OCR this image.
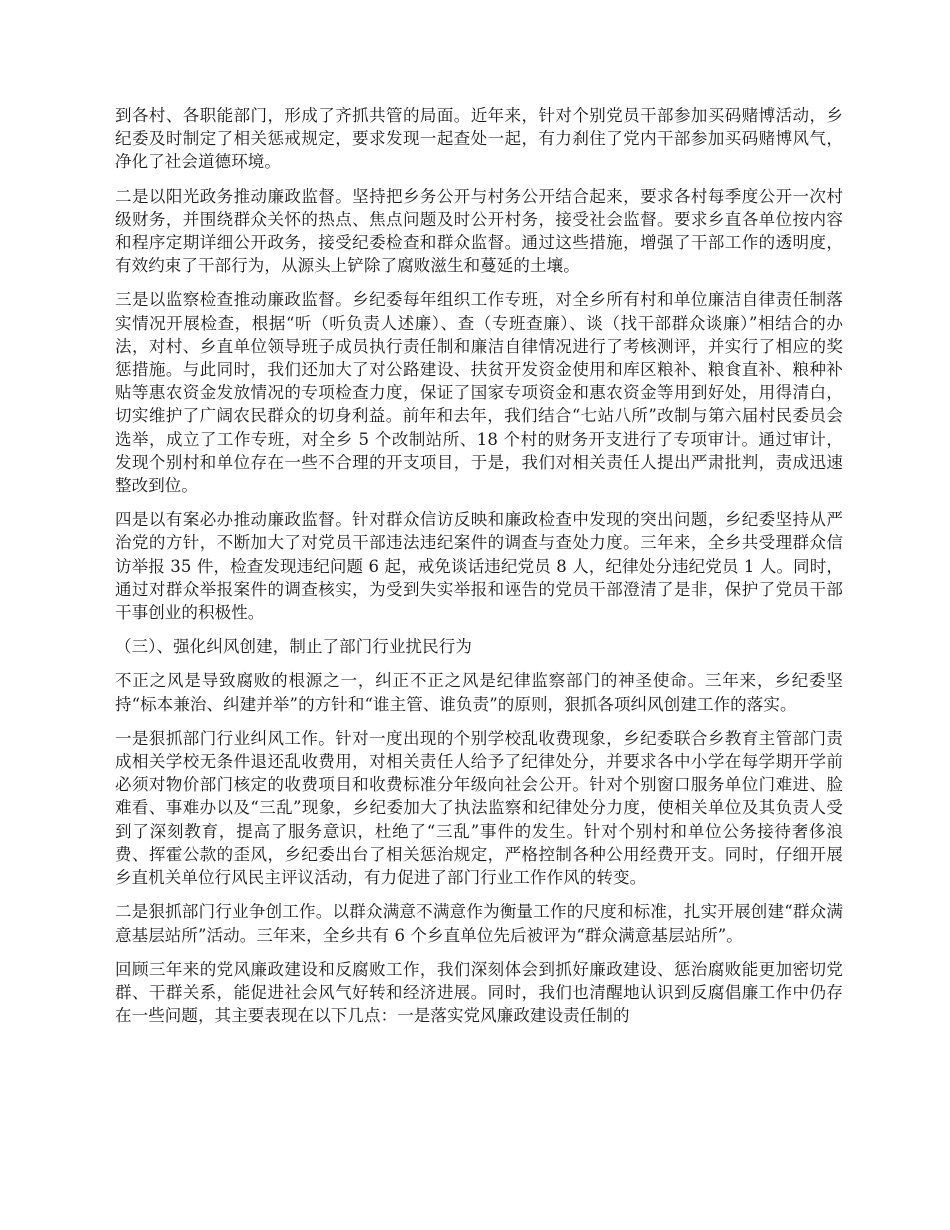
到各村、各职能部门，形成了齐抓共管的局面。近年来，针对个别党员干部参加买码赌博活动，乡纪委及时制定了相关惩戒规定，要求发现一起查处一起，有力刹住了党内干部参加买码赌博风气，净化了社会道德环境。

二是以阳光政务推动廉政监督。坚持把乡务公开与村务公开结合起来，要求各村每季度公开一次村级财务，并围绕群众关怀的热点、焦点问题及时公开村务，接受社会监督。要求乡直各单位按内容和程序定期详细公开政务，接受纪委检查和群众监督。通过这些措施，增强了干部工作的透明度，有效约束了干部行为，从源头上铲除了腐败滋生和蔓延的土壤。

三是以监察检查推动廉政监督。乡纪委每年组织工作专班，对全乡所有村和单位廉洁自律责任制落实情况开展检查，根据“听（听负责人述廉）、查（专班查廉）、谈（找干部群众谈廉）”相结合的办法，对村、乡直单位领导班子成员执行责任制和廉洁自律情况进行了考核测评，并实行了相应的奖惩措施。与此同时，我们还加大了对公路建设、扶贫开发资金使用和库区粮补、粮食直补、粮种补贴等惠农资金发放情况的专项检查力度，保证了国家专项资金和惠农资金等用到好处，用得清白，切实维护了广阔农民群众的切身利益。前年和去年，我们结合“七站八所”改制与第六届村民委员会选举，成立了工作专班，对全乡 5 个改制站所、18 个村的财务开支进行了专项审计。通过审计，发现个别村和单位存在一些不合理的开支项目，于是，我们对相关责任人提出严肃批判，责成迅速整改到位。

四是以有案必办推动廉政监督。针对群众信访反映和廉政检查中发现的突出问题，乡纪委坚持从严治党的方针，不断加大了对党员干部违法违纪案件的调查与查处力度。三年来，全乡共受理群众信访举报 35 件，检查发现违纪问题 6 起，戒免谈话违纪党员 8 人，纪律处分违纪党员 1 人。同时，通过对群众举报案件的调查核实，为受到失实举报和诬告的党员干部澄清了是非，保护了党员干部干事创业的积极性。

（三）、强化纠风创建，制止了部门行业扰民行为

不正之风是导致腐败的根源之一，纠正不正之风是纪律监察部门的神圣使命。三年来，乡纪委坚持“标本兼治、纠建并举”的方针和“谁主管、谁负责”的原则，狠抓各项纠风创建工作的落实。

一是狠抓部门行业纠风工作。针对一度出现的个别学校乱收费现象，乡纪委联合乡教育主管部门责成相关学校无条件退还乱收费用，对相关责任人给予了纪律处分，并要求各中小学在每学期开学前必须对物价部门核定的收费项目和收费标准分年级向社会公开。针对个别窗口服务单位门难进、脸难看、事难办以及“三乱”现象，乡纪委加大了执法监察和纪律处分力度，使相关单位及其负责人受到了深刻教育，提高了服务意识，杜绝了“三乱”事件的发生。针对个别村和单位公务接待奢侈浪费、挥霍公款的歪风，乡纪委出台了相关惩治规定，严格控制各种公用经费开支。同时，仔细开展乡直机关单位行风民主评议活动，有力促进了部门行业工作作风的转变。

二是狠抓部门行业争创工作。以群众满意不满意作为衡量工作的尺度和标准，扎实开展创建“群众满意基层站所”活动。三年来，全乡共有 6 个乡直单位先后被评为“群众满意基层站所”。

回顾三年来的党风廉政建设和反腐败工作，我们深刻体会到抓好廉政建设、惩治腐败能更加密切党群、干群关系，能促进社会风气好转和经济进展。同时，我们也清醒地认识到反腐倡廉工作中仍存在一些问题，其主要表现在以下几点：一是落实党风廉政建设责任制的
